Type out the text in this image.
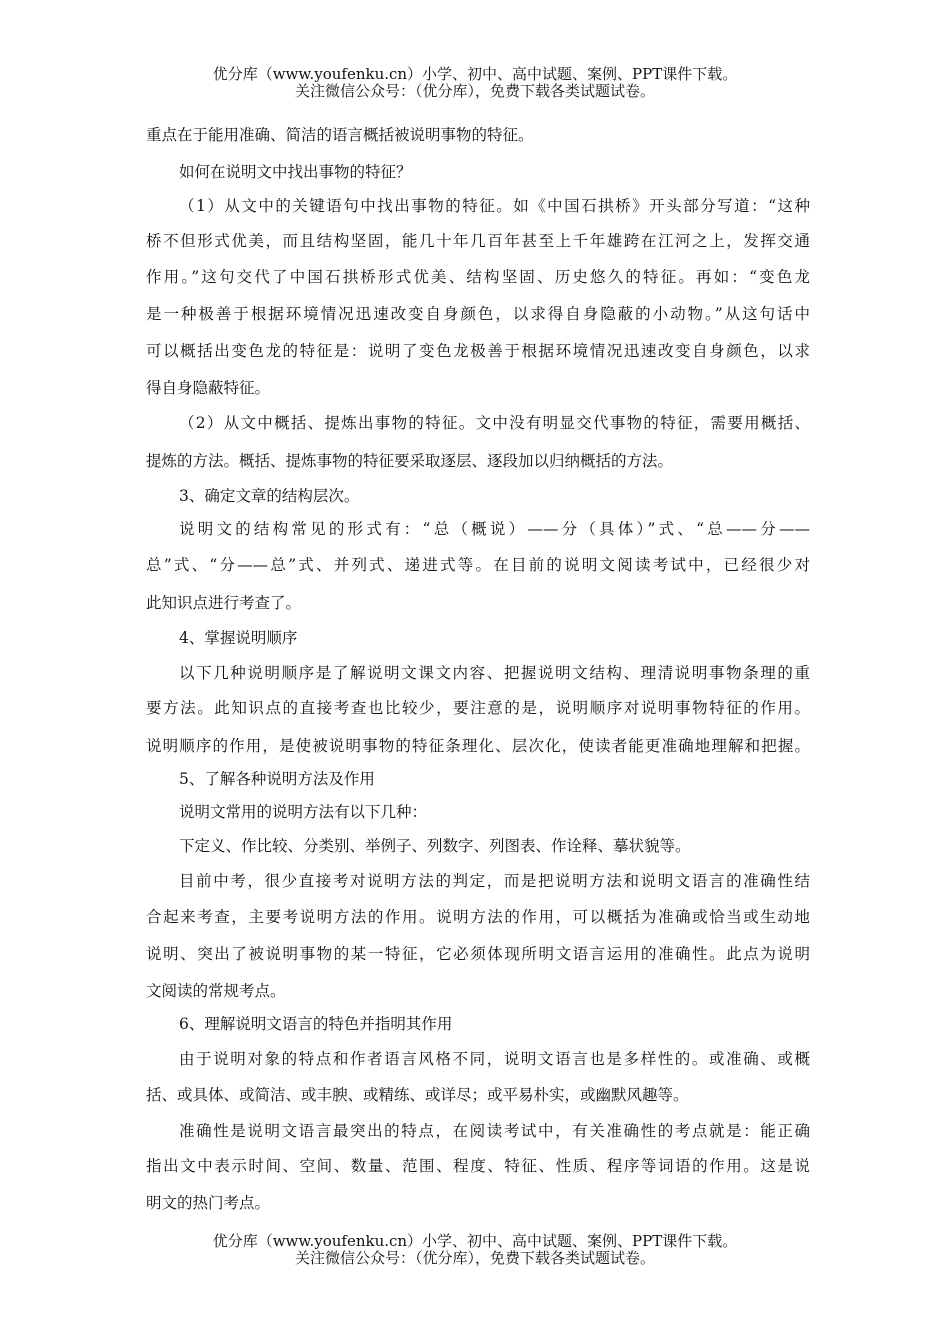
优分库（www.youfenku.cn）小学、初中、高中试题、案例、PPT课件下载。
关注微信公众号：（优分库），免费下载各类试题试卷。
重点在于能用准确、简洁的语言概括被说明事物的特征。
如何在说明文中找出事物的特征？
（1）从文中的关键语句中找出事物的特征。如《中国石拱桥》开头部分写道：“这种
桥不但形式优美，而且结构坚固，能几十年几百年甚至上千年雄跨在江河之上，发挥交通
作用。”这句交代了中国石拱桥形式优美、结构坚固、历史悠久的特征。再如：“变色龙
是一种极善于根据环境情况迅速改变自身颜色，以求得自身隐蔽的小动物。”从这句话中
可以概括出变色龙的特征是：说明了变色龙极善于根据环境情况迅速改变自身颜色，以求
得自身隐蔽特征。
（2）从文中概括、提炼出事物的特征。文中没有明显交代事物的特征，需要用概括、
提炼的方法。概括、提炼事物的特征要采取逐层、逐段加以归纳概括的方法。
3、确定文章的结构层次。
说明文的结构常见的形式有：“总（概说）——分（具体）”式、“总——分——
总”式、“分——总”式、并列式、递进式等。在目前的说明文阅读考试中，已经很少对
此知识点进行考查了。
4、掌握说明顺序
以下几种说明顺序是了解说明文课文内容、把握说明文结构、理清说明事物条理的重
要方法。此知识点的直接考查也比较少，要注意的是，说明顺序对说明事物特征的作用。
说明顺序的作用，是使被说明事物的特征条理化、层次化，使读者能更准确地理解和把握。
5、了解各种说明方法及作用
说明文常用的说明方法有以下几种：
下定义、作比较、分类别、举例子、列数字、列图表、作诠释、摹状貌等。
目前中考，很少直接考对说明方法的判定，而是把说明方法和说明文语言的准确性结
合起来考查，主要考说明方法的作用。说明方法的作用，可以概括为准确或恰当或生动地
说明、突出了被说明事物的某一特征，它必须体现所明文语言运用的准确性。此点为说明
文阅读的常规考点。
6、理解说明文语言的特色并指明其作用
由于说明对象的特点和作者语言风格不同，说明文语言也是多样性的。或准确、或概
括、或具体、或简洁、或丰腴、或精练、或详尽；或平易朴实，或幽默风趣等。
准确性是说明文语言最突出的特点，在阅读考试中，有关准确性的考点就是：能正确
指出文中表示时间、空间、数量、范围、程度、特征、性质、程序等词语的作用。这是说
明文的热门考点。
优分库（www.youfenku.cn）小学、初中、高中试题、案例、PPT课件下载。
关注微信公众号：（优分库），免费下载各类试题试卷。
